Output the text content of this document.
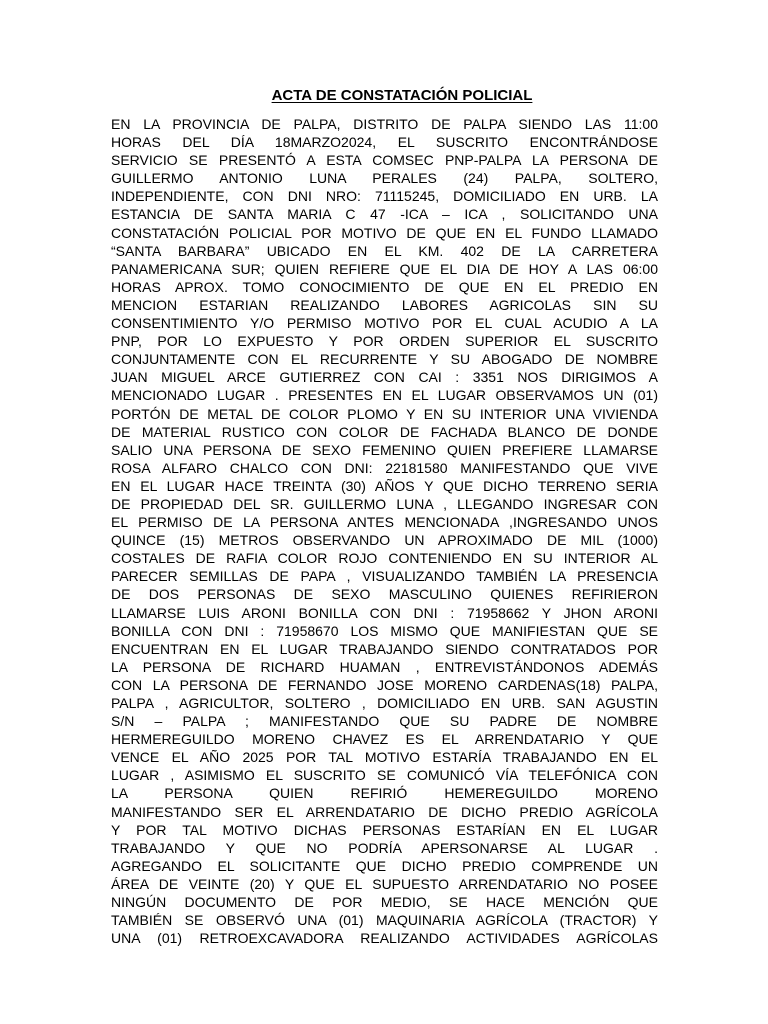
ACTA DE CONSTATACIÓN POLICIAL
EN LA PROVINCIA DE PALPA, DISTRITO DE PALPA SIENDO LAS 11:00
HORAS DEL DÍA 18MARZO2024, EL SUSCRITO ENCONTRÁNDOSE
SERVICIO SE PRESENTÓ A ESTA COMSEC PNP-PALPA LA PERSONA DE
GUILLERMO ANTONIO LUNA PERALES (24) PALPA, SOLTERO,
INDEPENDIENTE, CON DNI NRO: 71115245, DOMICILIADO EN URB. LA
ESTANCIA DE SANTA MARIA C 47 -ICA – ICA , SOLICITANDO UNA
CONSTATACIÓN POLICIAL POR MOTIVO DE QUE EN EL FUNDO LLAMADO
“SANTA BARBARA” UBICADO EN EL KM. 402 DE LA CARRETERA
PANAMERICANA SUR; QUIEN REFIERE QUE EL DIA DE HOY A LAS 06:00
HORAS APROX. TOMO CONOCIMIENTO DE QUE EN EL PREDIO EN
MENCION ESTARIAN REALIZANDO LABORES AGRICOLAS SIN SU
CONSENTIMIENTO Y/O PERMISO MOTIVO POR EL CUAL ACUDIO A LA
PNP, POR LO EXPUESTO Y POR ORDEN SUPERIOR EL SUSCRITO
CONJUNTAMENTE CON EL RECURRENTE Y SU ABOGADO DE NOMBRE
JUAN MIGUEL ARCE GUTIERREZ CON CAI : 3351 NOS DIRIGIMOS A
MENCIONADO LUGAR . PRESENTES EN EL LUGAR OBSERVAMOS UN (01)
PORTÓN DE METAL DE COLOR PLOMO Y EN SU INTERIOR UNA VIVIENDA
DE MATERIAL RUSTICO CON COLOR DE FACHADA BLANCO DE DONDE
SALIO UNA PERSONA DE SEXO FEMENINO QUIEN PREFIERE LLAMARSE
ROSA ALFARO CHALCO CON DNI: 22181580 MANIFESTANDO QUE VIVE
EN EL LUGAR HACE TREINTA (30) AÑOS Y QUE DICHO TERRENO SERIA
DE PROPIEDAD DEL SR. GUILLERMO LUNA , LLEGANDO INGRESAR CON
EL PERMISO DE LA PERSONA ANTES MENCIONADA ,INGRESANDO UNOS
QUINCE (15) METROS OBSERVANDO UN APROXIMADO DE MIL (1000)
COSTALES DE RAFIA COLOR ROJO CONTENIENDO EN SU INTERIOR AL
PARECER SEMILLAS DE PAPA , VISUALIZANDO TAMBIÉN LA PRESENCIA
DE DOS PERSONAS DE SEXO MASCULINO QUIENES REFIRIERON
LLAMARSE LUIS ARONI BONILLA CON DNI : 71958662 Y JHON ARONI
BONILLA CON DNI : 71958670 LOS MISMO QUE MANIFIESTAN QUE SE
ENCUENTRAN EN EL LUGAR TRABAJANDO SIENDO CONTRATADOS POR
LA PERSONA DE RICHARD HUAMAN , ENTREVISTÁNDONOS ADEMÁS
CON LA PERSONA DE FERNANDO JOSE MORENO CARDENAS(18) PALPA,
PALPA , AGRICULTOR, SOLTERO , DOMICILIADO EN URB. SAN AGUSTIN
S/N – PALPA ; MANIFESTANDO QUE SU PADRE DE NOMBRE
HERMEREGUILDO MORENO CHAVEZ ES EL ARRENDATARIO Y QUE
VENCE EL AÑO 2025 POR TAL MOTIVO ESTARÍA TRABAJANDO EN EL
LUGAR , ASIMISMO EL SUSCRITO SE COMUNICÓ VÍA TELEFÓNICA CON
LA PERSONA QUIEN REFIRIÓ HEMEREGUILDO MORENO
MANIFESTANDO SER EL ARRENDATARIO DE DICHO PREDIO AGRÍCOLA
Y POR TAL MOTIVO DICHAS PERSONAS ESTARÍAN EN EL LUGAR
TRABAJANDO Y QUE NO PODRÍA APERSONARSE AL LUGAR .
AGREGANDO EL SOLICITANTE QUE DICHO PREDIO COMPRENDE UN
ÁREA DE VEINTE (20) Y QUE EL SUPUESTO ARRENDATARIO NO POSEE
NINGÚN DOCUMENTO DE POR MEDIO, SE HACE MENCIÓN QUE
TAMBIÉN SE OBSERVÓ UNA (01) MAQUINARIA AGRÍCOLA (TRACTOR) Y
UNA (01) RETROEXCAVADORA REALIZANDO ACTIVIDADES AGRÍCOLAS
